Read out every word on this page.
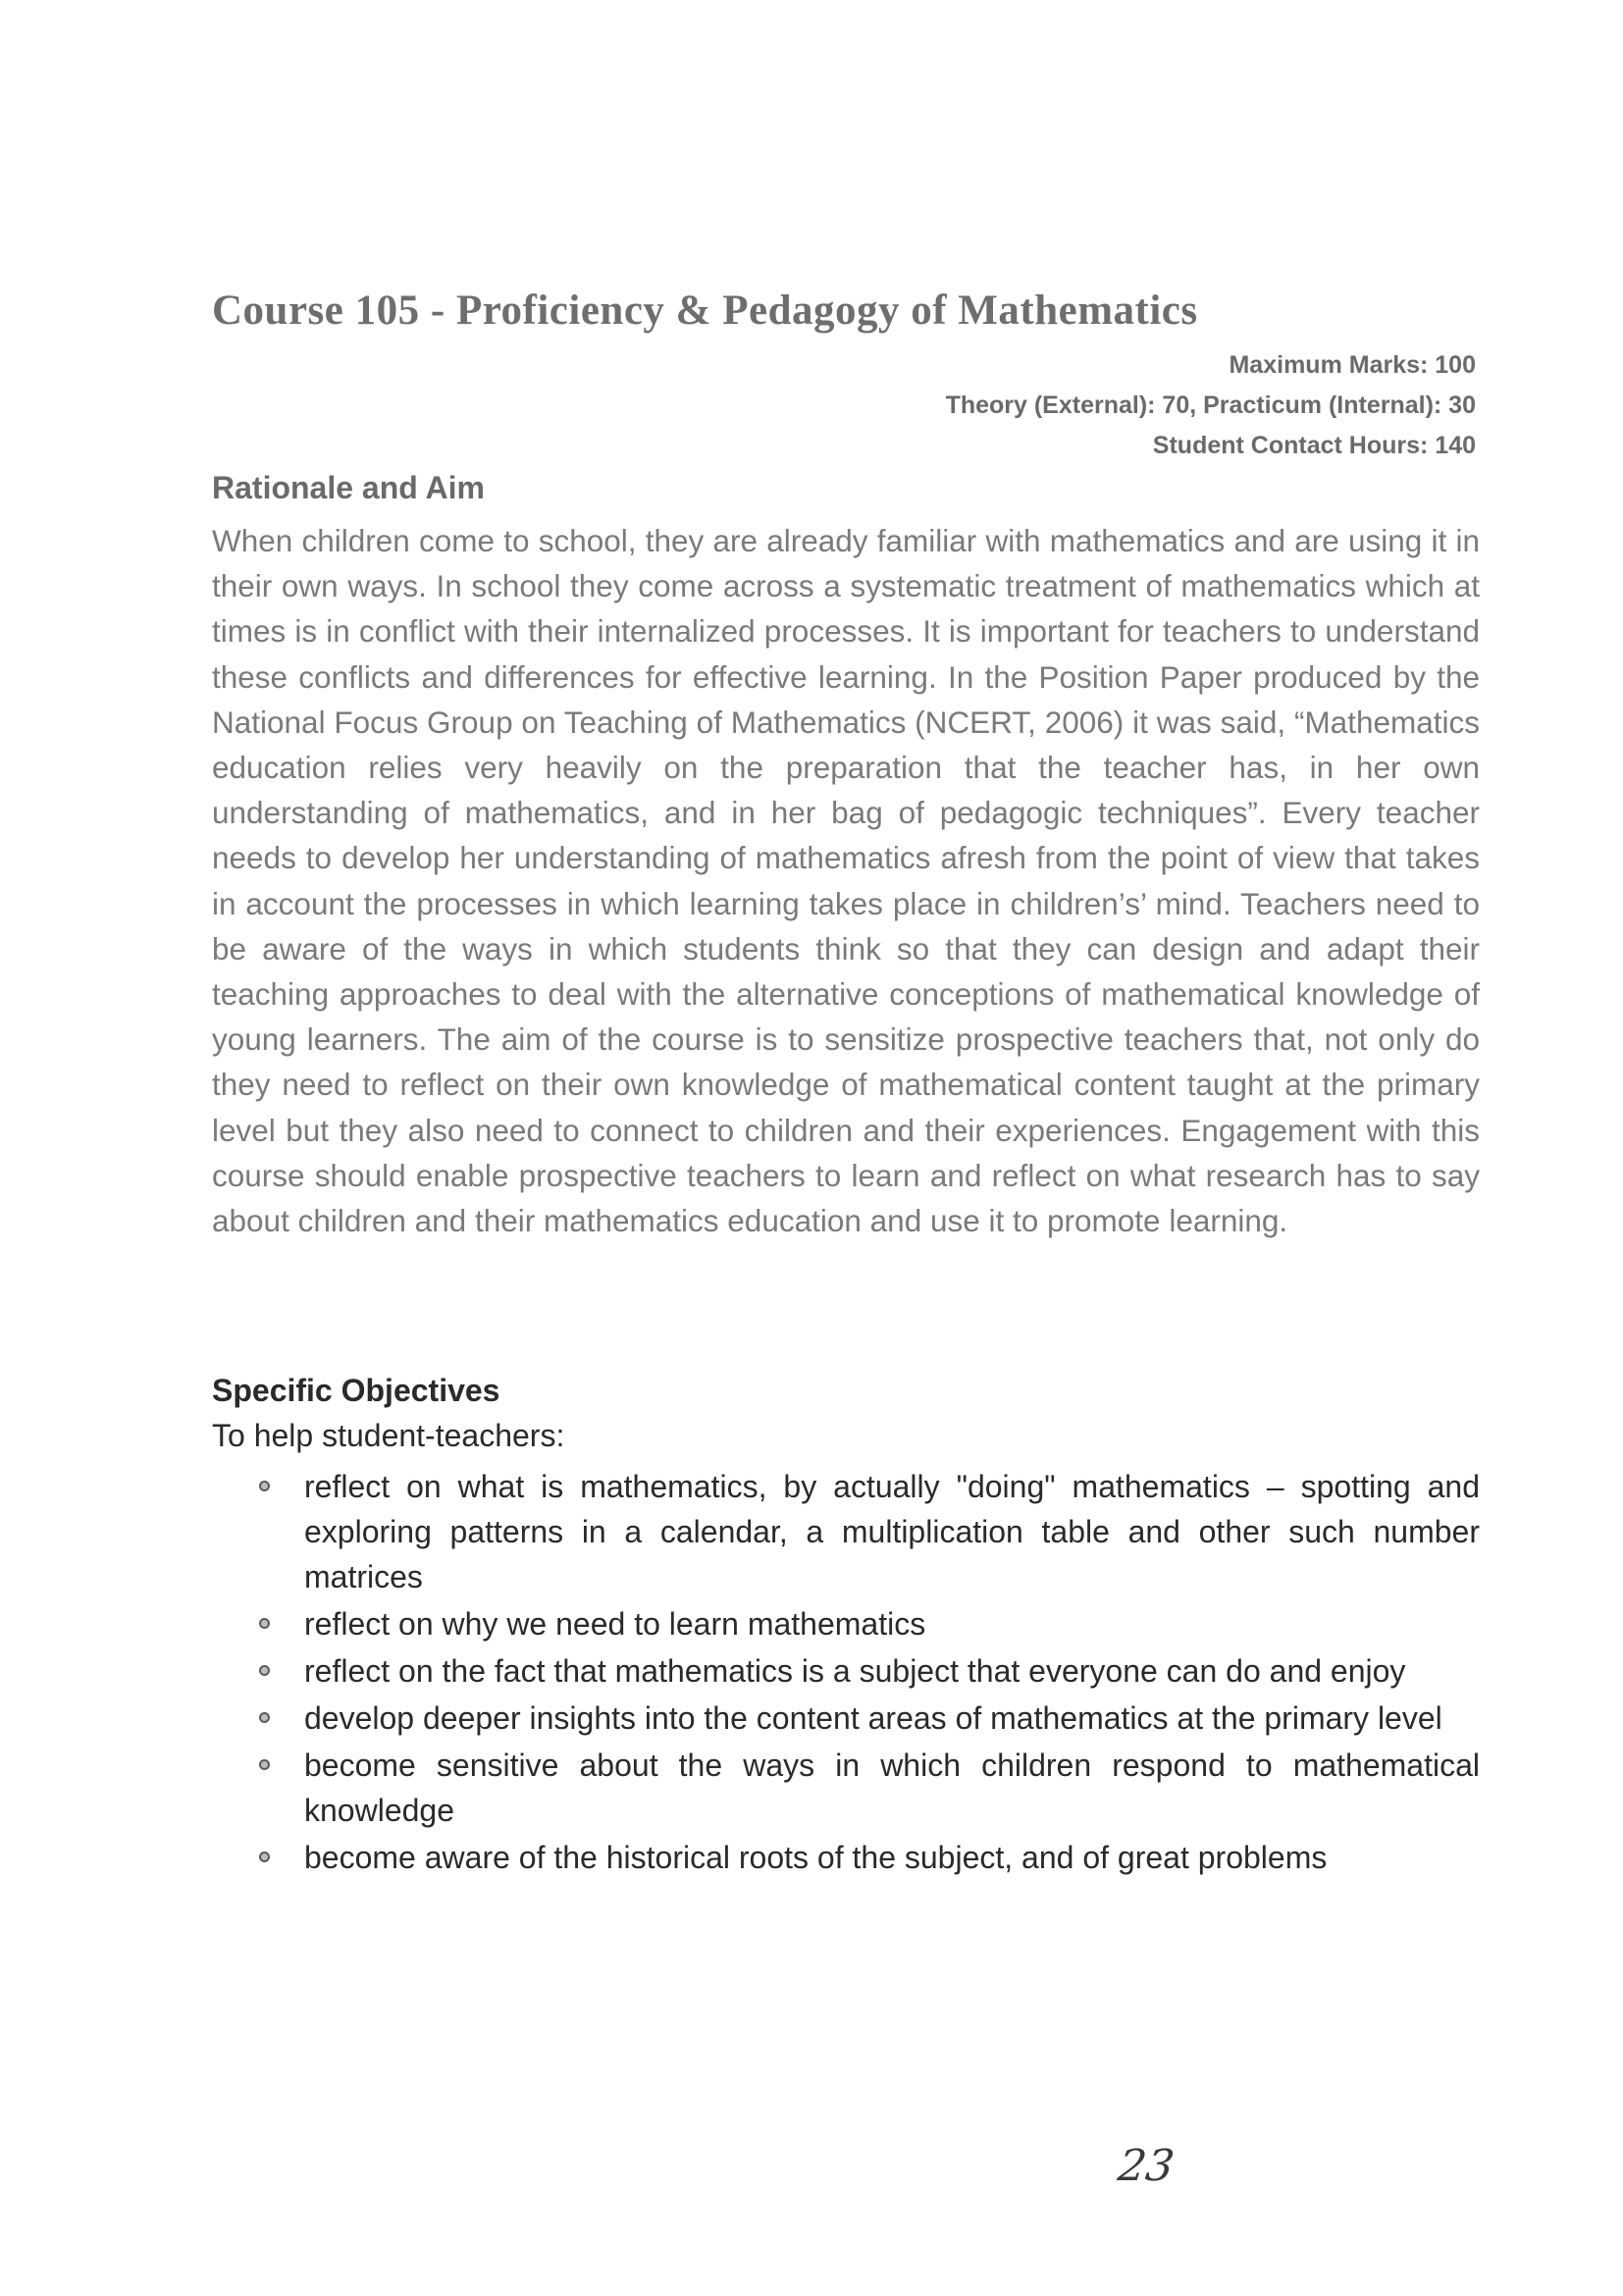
Course 105 - Proficiency & Pedagogy of Mathematics
Maximum Marks: 100
Theory (External): 70, Practicum (Internal): 30
Student Contact Hours: 140
Rationale and Aim

When children come to school, they are already familiar with mathematics and are using it in their own ways. In school they come across a systematic treatment of mathematics which at times is in conflict with their internalized processes. It is important for teachers to understand these conflicts and differences for effective learning. In the Position Paper produced by the National Focus Group on Teaching of Mathematics (NCERT, 2006) it was said, “Mathematics education relies very heavily on the preparation that the teacher has, in her own understanding of mathematics, and in her bag of pedagogic techniques”. Every teacher needs to develop her understanding of mathematics afresh from the point of view that takes in account the processes in which learning takes place in children’s’ mind. Teachers need to be aware of the ways in which students think so that they can design and adapt their teaching approaches to deal with the alternative conceptions of mathematical knowledge of young learners. The aim of the course is to sensitize prospective teachers that, not only do they need to reflect on their own knowledge of mathematical content taught at the primary level but they also need to connect to children and their experiences. Engagement with this course should enable prospective teachers to learn and reflect on what research has to say about children and their mathematics education and use it to promote learning.

Specific Objectives

To help student-teachers:

reflect on what is mathematics, by actually "doing" mathematics – spotting and exploring patterns in a calendar, a multiplication table and other such number matrices
reflect on why we need to learn mathematics
reflect on the fact that mathematics is a subject that everyone can do and enjoy
develop deeper insights into the content areas of mathematics at the primary level
become sensitive about the ways in which children respond to mathematical knowledge
become aware of the historical roots of the subject, and of great problems

23
